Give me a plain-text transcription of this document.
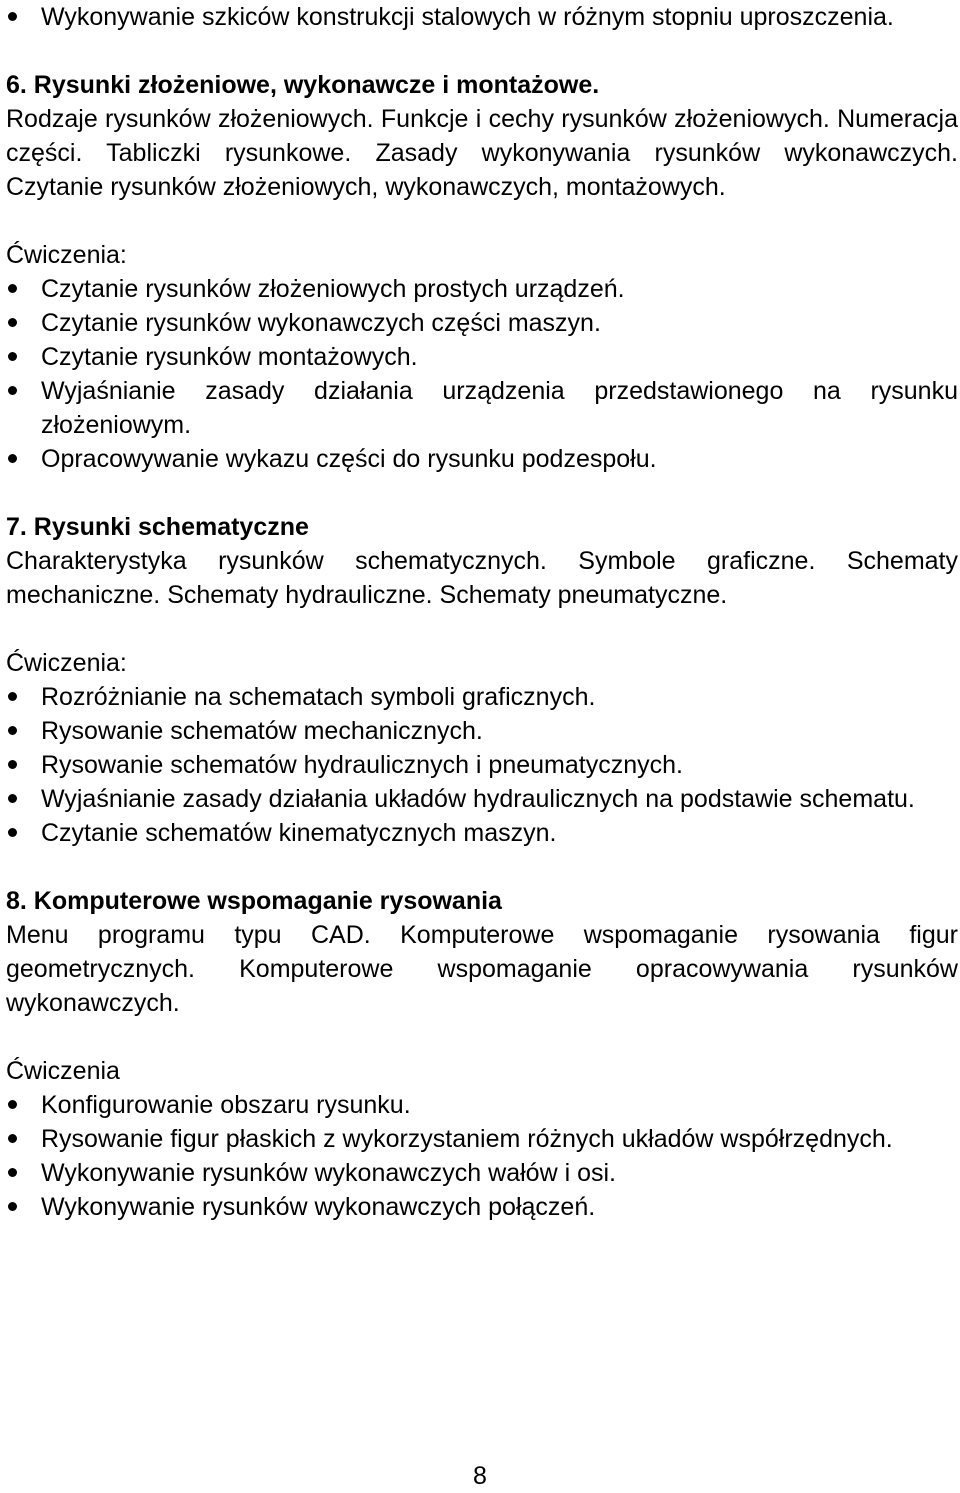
Wykonywanie szkiców konstrukcji stalowych w różnym stopniu uproszczenia.
6. Rysunki złożeniowe, wykonawcze i montażowe.
Rodzaje rysunków złożeniowych. Funkcje i cechy rysunków złożeniowych. Numeracja części. Tabliczki rysunkowe. Zasady wykonywania rysunków wykonawczych. Czytanie rysunków złożeniowych, wykonawczych, montażowych.
Ćwiczenia:
Czytanie rysunków złożeniowych prostych urządzeń.
Czytanie rysunków wykonawczych części maszyn.
Czytanie rysunków montażowych.
Wyjaśnianie zasady działania urządzenia przedstawionego na rysunku złożeniowym.
Opracowywanie wykazu części do rysunku podzespołu.
7. Rysunki schematyczne
Charakterystyka rysunków schematycznych. Symbole graficzne. Schematy mechaniczne. Schematy hydrauliczne. Schematy pneumatyczne.
Ćwiczenia:
Rozróżnianie na schematach symboli graficznych.
Rysowanie schematów mechanicznych.
Rysowanie schematów hydraulicznych i pneumatycznych.
Wyjaśnianie zasady działania układów hydraulicznych na podstawie schematu.
Czytanie schematów kinematycznych maszyn.
8. Komputerowe wspomaganie rysowania
Menu programu typu CAD. Komputerowe wspomaganie rysowania figur geometrycznych. Komputerowe wspomaganie opracowywania rysunków wykonawczych.
Ćwiczenia
Konfigurowanie obszaru rysunku.
Rysowanie figur płaskich z wykorzystaniem różnych układów współrzędnych.
Wykonywanie rysunków wykonawczych wałów i osi.
Wykonywanie rysunków wykonawczych połączeń.
8
